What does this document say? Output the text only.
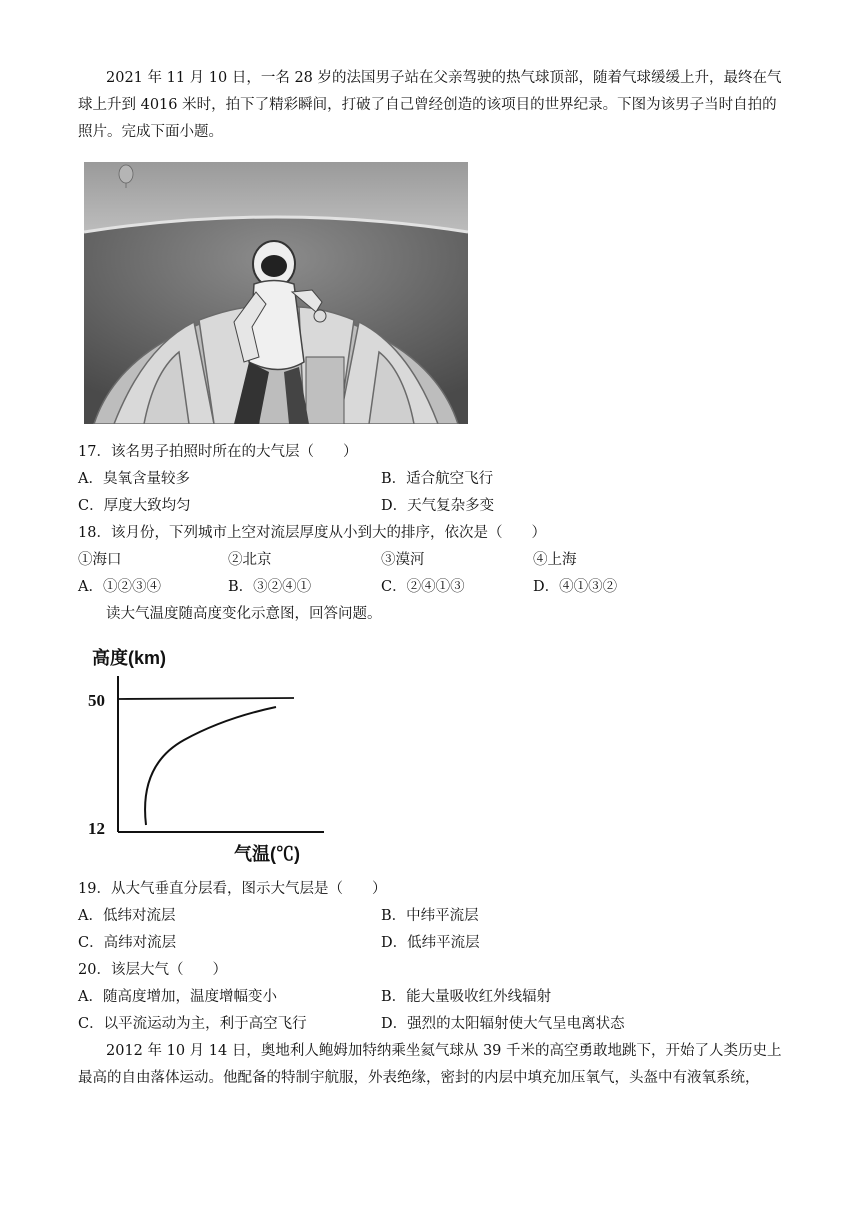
2021 年 11 月 10 日，一名 28 岁的法国男子站在父亲驾驶的热气球顶部，随着气球缓缓上升，最终在气球上升到 4016 米时，拍下了精彩瞬间，打破了自己曾经创造的该项目的世界纪录。下图为该男子当时自拍的照片。完成下面小题。

17．该名男子拍照时所在的大气层（　　）
A．臭氧含量较多	B．适合航空飞行
C．厚度大致均匀	D．天气复杂多变
18．该月份，下列城市上空对流层厚度从小到大的排序，依次是（　　）
①海口	②北京	③漠河	④上海
A．①②③④	B．③②④①	C．②④①③	D．④①③②
读大气温度随高度变化示意图，回答问题。
高度(km)
50
12
气温(℃)
19．从大气垂直分层看，图示大气层是（　　）
A．低纬对流层	B．中纬平流层
C．高纬对流层	D．低纬平流层
20．该层大气（　　）
A．随高度增加，温度增幅变小	B．能大量吸收红外线辐射
C．以平流运动为主，利于高空飞行	D．强烈的太阳辐射使大气呈电离状态

2012 年 10 月 14 日，奥地利人鲍姆加特纳乘坐氦气球从 39 千米的高空勇敢地跳下，开始了人类历史上最高的自由落体运动。他配备的特制宇航服，外表绝缘，密封的内层中填充加压氧气，头盔中有液氧系统，
